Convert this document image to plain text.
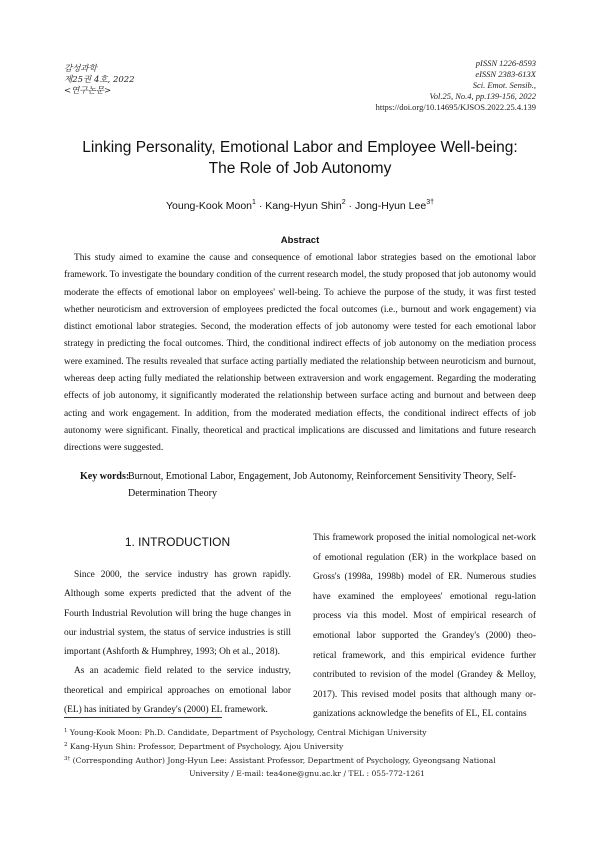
감성과학
제25권 4호, 2022
<연구논문>
pISSN 1226-8593
eISSN 2383-613X
Sci. Emot. Sensib.,
Vol.25, No.4, pp.139-156, 2022
https://doi.org/10.14695/KJSOS.2022.25.4.139
Linking Personality, Emotional Labor and Employee Well-being:
The Role of Job Autonomy
Young-Kook Moon$^1$ · Kang-Hyun Shin$^2$ · Jong-Hyun Lee$^{3\dagger}$
Abstract
This study aimed to examine the cause and consequence of emotional labor strategies based on the emotional labor framework. To investigate the boundary condition of the current research model, the study proposed that job autonomy would moderate the effects of emotional labor on employees' well-being. To achieve the purpose of the study, it was first tested whether neuroticism and extroversion of employees predicted the focal outcomes (i.e., burnout and work engagement) via distinct emotional labor strategies. Second, the moderation effects of job autonomy were tested for each emotional labor strategy in predicting the focal outcomes. Third, the conditional indirect effects of job autonomy on the mediation process were examined. The results revealed that surface acting partially mediated the relationship between neuroticism and burnout, whereas deep acting fully mediated the relationship between extraversion and work engagement. Regarding the moderating effects of job autonomy, it significantly moderated the relationship between surface acting and burnout and between deep acting and work engagement. In addition, from the moderated mediation effects, the conditional indirect effects of job autonomy were significant. Finally, theoretical and practical implications are discussed and limitations and future research directions were suggested.
Key words:
Burnout, Emotional Labor, Engagement, Job Autonomy, Reinforcement Sensitivity Theory, Self-Determination Theory
1. INTRODUCTION

Since 2000, the service industry has grown rapidly. Although some experts predicted that the advent of the Fourth Industrial Revolution will bring the huge changes in our industrial system, the status of service industries is still important (Ashforth & Humphrey, 1993; Oh et al., 2018).

As an academic field related to the service industry, theoretical and empirical approaches on emotional labor (EL) has initiated by Grandey's (2000) EL framework.

This framework proposed the initial nomological net-work of emotional regulation (ER) in the workplace based on Gross's (1998a, 1998b) model of ER. Numerous studies have examined the employees' emotional regu-lation process via this model. Most of empirical research of emotional labor supported the Grandey's (2000) theo-retical framework, and this empirical evidence further contributed to revision of the model (Grandey & Melloy, 2017). This revised model posits that although many or-ganizations acknowledge the benefits of EL, EL contains

$^1$ Young-Kook Moon: Ph.D. Candidate, Department of Psychology, Central Michigan University
$^2$ Kang-Hyun Shin: Professor, Department of Psychology, Ajou University
$^{3\dagger}$ (Corresponding Author) Jong-Hyun Lee: Assistant Professor, Department of Psychology, Gyeongsang National
University / E-mail: tea4one@gnu.ac.kr / TEL : 055-772-1261
